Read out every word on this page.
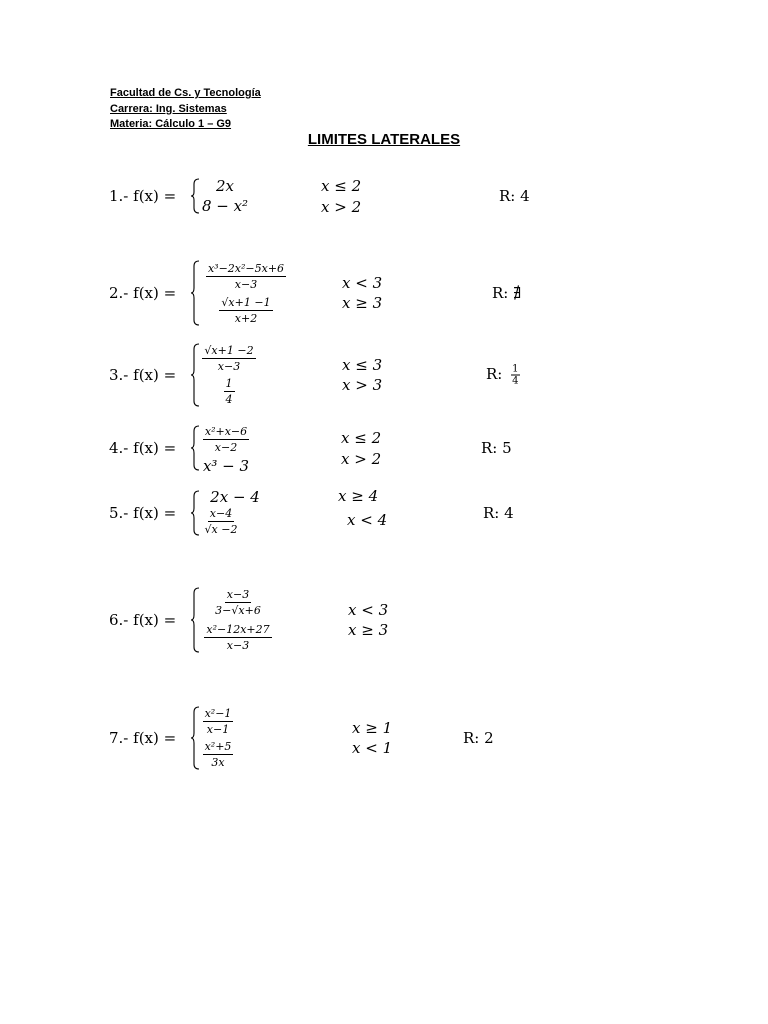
Facultad de Cs. y Tecnología
Carrera: Ing. Sistemas
Materia: Cálculo 1 – G9
LIMITES LATERALES
1.- f(x) =
2x
8 − x²
x ≤ 2
x > 2
R: 4
2.- f(x) =
$\frac{\text{x³−2x²−5x+6}}{x-3}$
$\frac{√x+1 -1}{x+2}$
x < 3
x ≥ 3
R: ∄
3.- f(x) =
$\frac{√x+1 -2}{x-3}$
$\frac{1}{4}$
x ≤ 3
x > 3
R: $\frac{1}{4}$
4.- $f(x) = \frac{\text{x²+x−6}}{x-2}$
x³ − 3
x ≤ 2
x > 2
R: 5
5.- f(x) =
2x − 4
$\frac{x-4}{√x -2}$
x ≥ 4
x < 4	R: 4
6.- f(x) =
$\frac{x-3}{3-√x+6}$
$\frac{\text{x²−12x+27}}{x-3}$
x < 3
x ≥ 3
7.- f(x) =
$\frac{\text{x²−1}}{x-1}$
$\frac{\text{x²+5}}{3x}$
x ≥ 1
x < 1
R: 2
